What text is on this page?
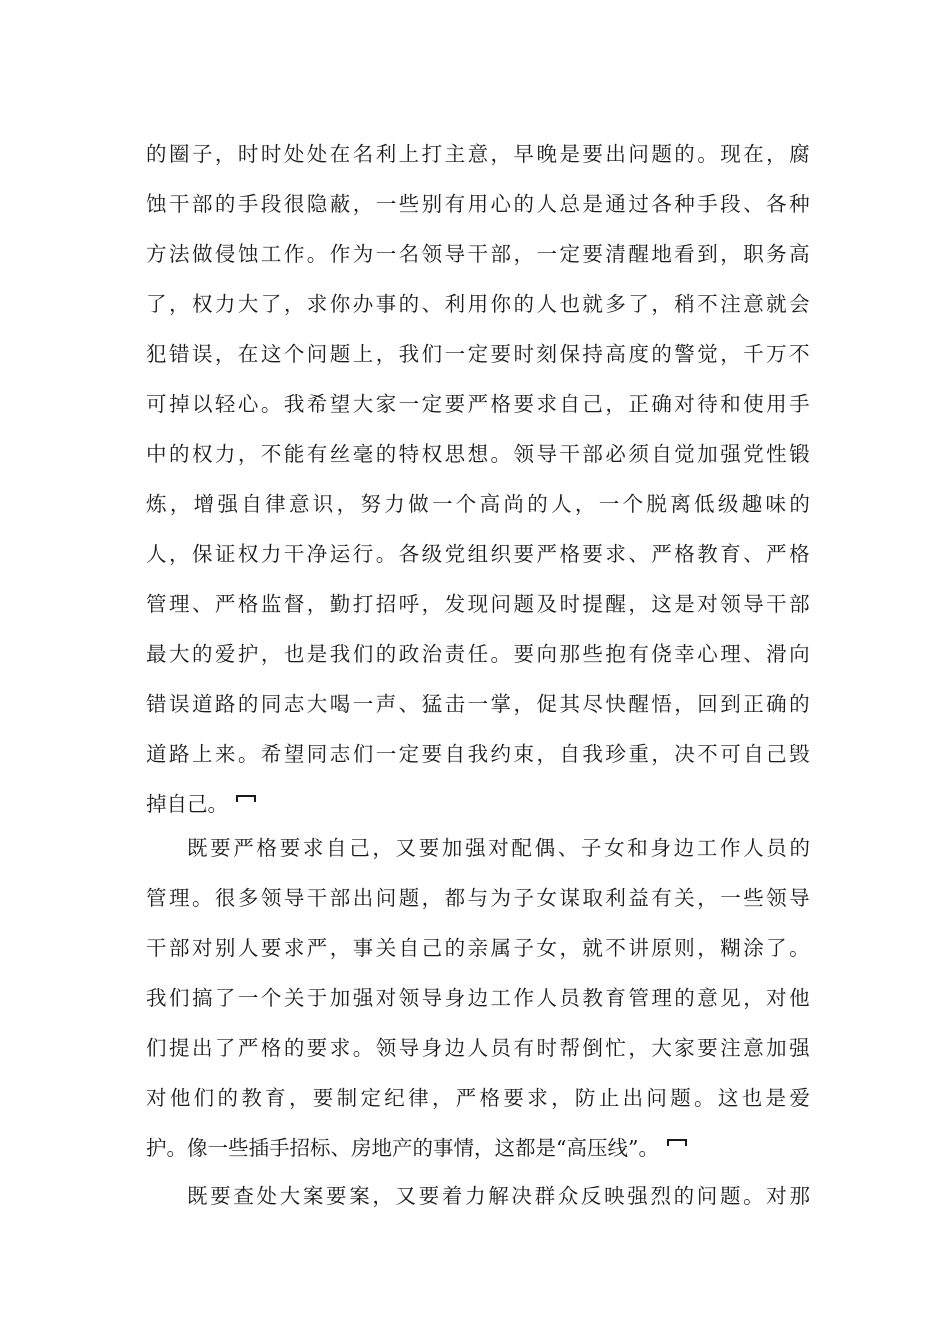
的 圈 子 ， 时 时 处 处 在 名 利 上 打 主 意 ， 早 晚 是 要 出 问 题 的 。 现 在 ， 腐
蚀 干 部 的 手 段 很 隐 蔽 ， 一 些 别 有 用 心 的 人 总 是 通 过 各 种 手 段 、 各 种
方 法 做 侵 蚀 工 作 。 作 为 一 名 领 导 干 部 ， 一 定 要 清 醒 地 看 到 ， 职 务 高
了 ， 权 力 大 了 ， 求 你 办 事 的 、 利 用 你 的 人 也 就 多 了 ， 稍 不 注 意 就 会
犯 错 误 ， 在 这 个 问 题 上 ， 我 们 一 定 要 时 刻 保 持 高 度 的 警 觉 ， 千 万 不
可 掉 以 轻 心 。 我 希 望 大 家 一 定 要 严 格 要 求 自 己 ， 正 确 对 待 和 使 用 手
中 的 权 力 ， 不 能 有 丝 毫 的 特 权 思 想 。 领 导 干 部 必 须 自 觉 加 强 党 性 锻
炼 ， 增 强 自 律 意 识 ， 努 力 做 一 个 高 尚 的 人 ， 一 个 脱 离 低 级 趣 味 的
人 ， 保 证 权 力 干 净 运 行 。 各 级 党 组 织 要 严 格 要 求 、 严 格 教 育 、 严 格
管 理 、 严 格 监 督 ， 勤 打 招 呼 ， 发 现 问 题 及 时 提 醒 ， 这 是 对 领 导 干 部
最 大 的 爱 护 ， 也 是 我 们 的 政 治 责 任 。 要 向 那 些 抱 有 侥 幸 心 理 、 滑 向
错 误 道 路 的 同 志 大 喝 一 声 、 猛 击 一 掌 ， 促 其 尽 快 醒 悟 ， 回 到 正 确 的
道 路 上 来 。 希 望 同 志 们 一 定 要 自 我 约 束 ， 自 我 珍 重 ， 决 不 可 自 己 毁
掉自己。
既 要 严 格 要 求 自 己 ， 又 要 加 强 对 配 偶 、 子 女 和 身 边 工 作 人 员 的
管 理 。 很 多 领 导 干 部 出 问 题 ， 都 与 为 子 女 谋 取 利 益 有 关 ， 一 些 领 导
干 部 对 别 人 要 求 严 ， 事 关 自 己 的 亲 属 子 女 ， 就 不 讲 原 则 ， 糊 涂 了 。
我 们 搞 了 一 个 关 于 加 强 对 领 导 身 边 工 作 人 员 教 育 管 理 的 意 见 ， 对 他
们 提 出 了 严 格 的 要 求 。 领 导 身 边 人 员 有 时 帮 倒 忙 ， 大 家 要 注 意 加 强
对 他 们 的 教 育 ， 要 制 定 纪 律 ， 严 格 要 求 ， 防 止 出 问 题 。 这 也 是 爱
护。像一些插手招标、房地产的事情，这都是“高压线”。
既 要 查 处 大 案 要 案 ， 又 要 着 力 解 决 群 众 反 映 强 烈 的 问 题 。 对 那
